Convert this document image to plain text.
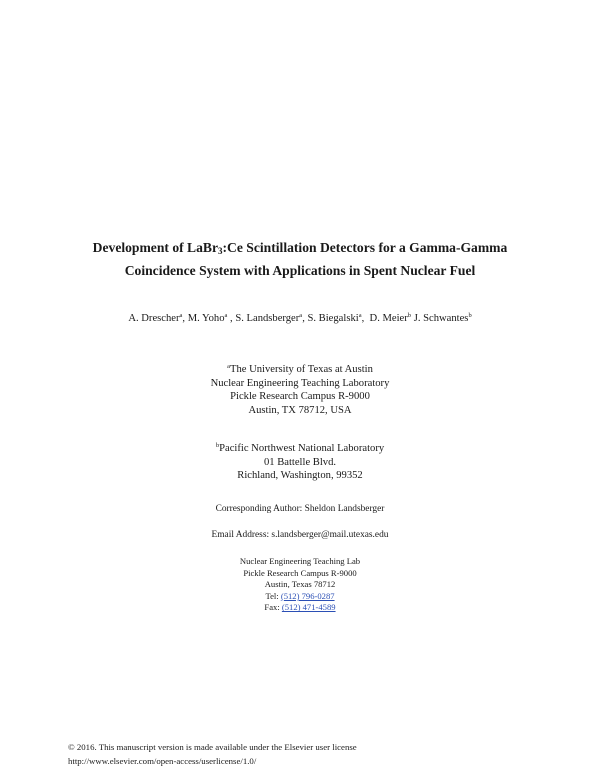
Development of LaBr$_3$:Ce Scintillation Detectors for a Gamma-Gamma
Coincidence System with Applications in Spent Nuclear Fuel
A. Drescher$^a$, M. Yoho$^a$ , S. Landsberger$^a$, S. Biegalski$^a$,  D. Meier$^b$ J. Schwantes$^b$
$^a$The University of Texas at Austin
Nuclear Engineering Teaching Laboratory
Pickle Research Campus R-9000
Austin, TX 78712, USA
$^b$Pacific Northwest National Laboratory
01 Battelle Blvd.
Richland, Washington, 99352
Corresponding Author: Sheldon Landsberger
Email Address: s.landsberger@mail.utexas.edu
Nuclear Engineering Teaching Lab
Pickle Research Campus R-9000
Austin, Texas 78712
Tel: (512) 796-0287
Fax: (512) 471-4589
© 2016. This manuscript version is made available under the Elsevier user license
http://www.elsevier.com/open-access/userlicense/1.0/
